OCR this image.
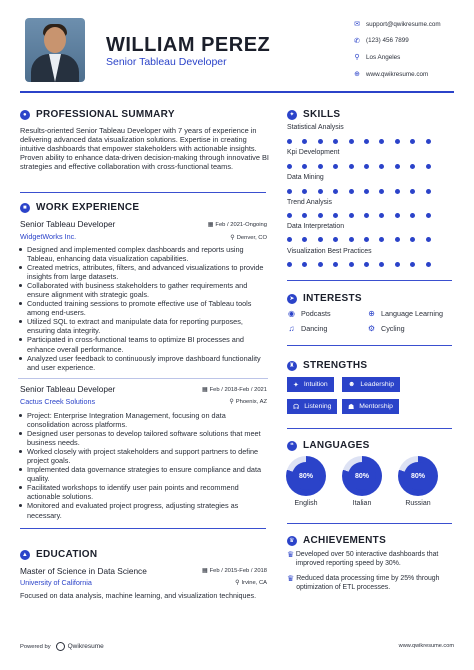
WILLIAM PEREZ
Senior Tableau Developer
✉ support@qwikresume.com
✆ (123) 456 7899
⚲	Los Angeles
⊕ www.qwikresume.com
● PROFESSIONAL SUMMARY
Results-oriented Senior Tableau Developer with 7 years of experience in delivering advanced data visualization solutions. Expertise in creating intuitive dashboards that empower stakeholders with actionable insights. Proven ability to enhance data-driven decision-making through innovative BI strategies and effective collaboration with cross-functional teams.
■ WORK EXPERIENCE
Senior Tableau Developer	▦ Feb / 2021-Ongoing
WidgetWorks Inc.	⚲ Denver, CO
Designed and implemented complex dashboards and reports using Tableau, enhancing data visualization capabilities.
Created metrics, attributes, filters, and advanced visualizations to provide insights from large datasets.
Collaborated with business stakeholders to gather requirements and ensure alignment with strategic goals.
Conducted training sessions to promote effective use of Tableau tools among end-users.
Utilized SQL to extract and manipulate data for reporting purposes, ensuring data integrity.
Participated in cross-functional teams to optimize BI processes and enhance overall performance.
Analyzed user feedback to continuously improve dashboard functionality and user experience.
Senior Tableau Developer	▦ Feb / 2018-Feb / 2021
Cactus Creek Solutions	⚲ Phoenix, AZ
Project: Enterprise Integration Management, focusing on data consolidation across platforms.
Designed user personas to develop tailored software solutions that meet business needs.
Worked closely with project stakeholders and support partners to define project goals.
Implemented data governance strategies to ensure compliance and data quality.
Facilitated workshops to identify user pain points and recommend actionable solutions.
Monitored and evaluated project progress, adjusting strategies as necessary.
▲ EDUCATION
Master of Science in Data Science	▦ Feb / 2015-Feb / 2018
University of California	⚲ Irvine, CA
Focused on data analysis, machine learning, and visualization techniques.
✦ SKILLS
Statistical Analysis
Kpi Development
Data Mining
Trend Analysis
Data Interpretation
Visualization Best Practices
➤ INTERESTS
◉ Podcasts	⊕ Language Learning
♫ Dancing	⚙ Cycling
♜ STRENGTHS
✦ Intuition	☻ Leadership
☊ Listening ☗ Mentorship
❝ LANGUAGES
80%	80%	80%
English	Italian	Russian
♛ ACHIEVEMENTS
♛ Developed over 50 interactive dashboards that improved reporting speed by 30%.
♛ Reduced data processing time by 25% through optimization of ETL processes.
Powered by	Qwikresume	www.qwikresume.com
